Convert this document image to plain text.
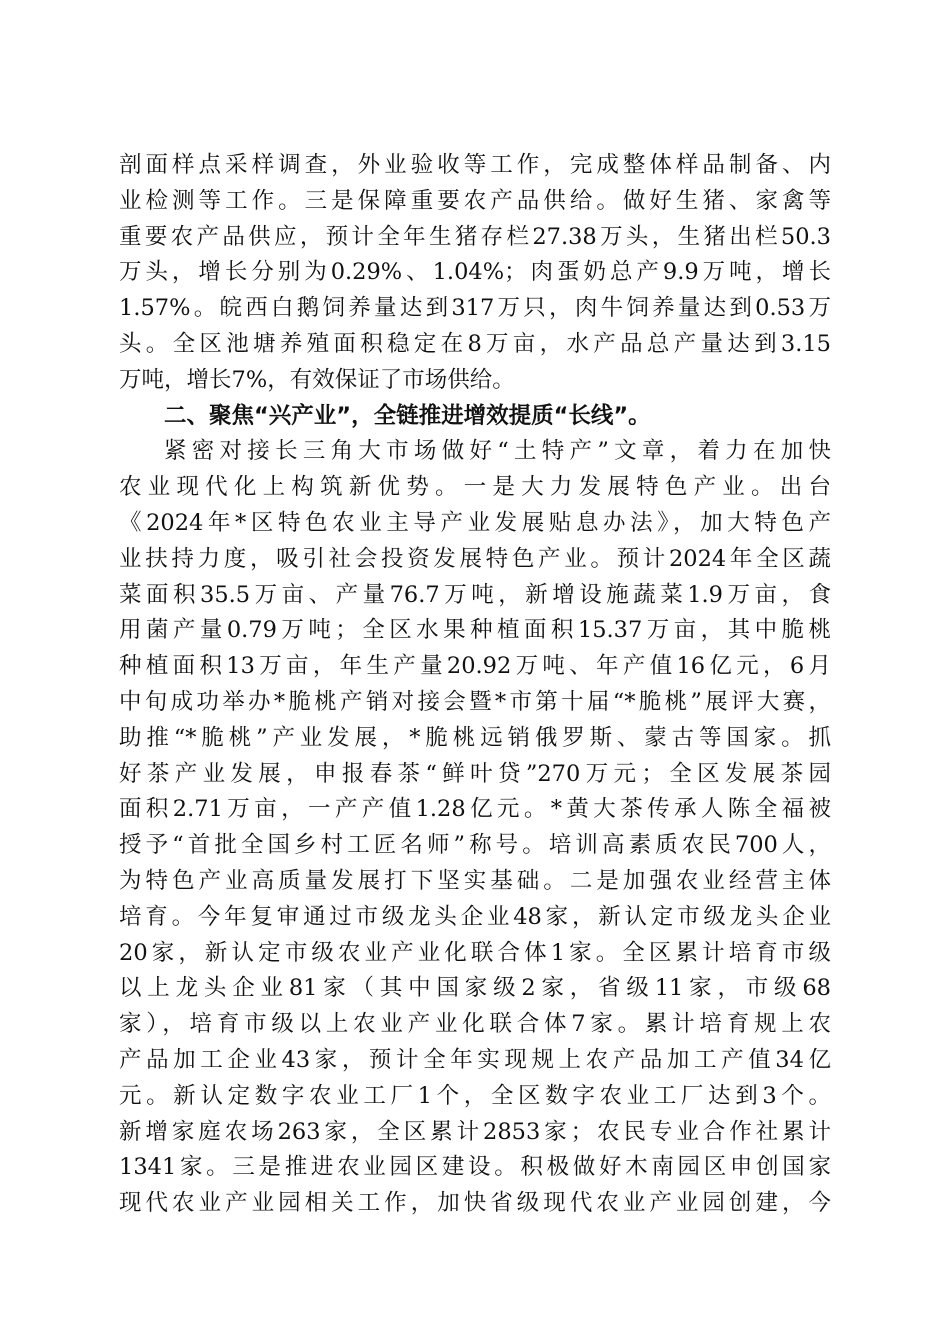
剖面样点采样调查，外业验收等工作，完成整体样品制备、内
业检测等工作。三是保障重要农产品供给。做好生猪、家禽等
重要农产品供应，预计全年生猪存栏27.38万头，生猪出栏50.3
万头，增长分别为0.29%、1.04%；肉蛋奶总产9.9万吨，增长
1.57%。皖西白鹅饲养量达到317万只，肉牛饲养量达到0.53万
头。全区池塘养殖面积稳定在8万亩，水产品总产量达到3.15
万吨，增长7%，有效保证了市场供给。
二、聚焦“兴产业”，全链推进增效提质“长线”。
紧密对接长三角大市场做好“土特产”文章，着力在加快
农业现代化上构筑新优势。一是大力发展特色产业。出台
《2024年*区特色农业主导产业发展贴息办法》，加大特色产
业扶持力度，吸引社会投资发展特色产业。预计2024年全区蔬
菜面积35.5万亩、产量76.7万吨，新增设施蔬菜1.9万亩，食
用菌产量0.79万吨；全区水果种植面积15.37万亩，其中脆桃
种植面积13万亩，年生产量20.92万吨、年产值16亿元，6月
中旬成功举办*脆桃产销对接会暨*市第十届“*脆桃”展评大赛，
助推“*脆桃”产业发展，*脆桃远销俄罗斯、蒙古等国家。抓
好茶产业发展，申报春茶“鲜叶贷”270万元；全区发展茶园
面积2.71万亩，一产产值1.28亿元。*黄大茶传承人陈全福被
授予“首批全国乡村工匠名师”称号。培训高素质农民700人，
为特色产业高质量发展打下坚实基础。二是加强农业经营主体
培育。今年复审通过市级龙头企业48家，新认定市级龙头企业
20家，新认定市级农业产业化联合体1家。全区累计培育市级
以上龙头企业81家（其中国家级2家，省级11家，市级68
家），培育市级以上农业产业化联合体7家。累计培育规上农
产品加工企业43家，预计全年实现规上农产品加工产值34亿
元。新认定数字农业工厂1个，全区数字农业工厂达到3个。
新增家庭农场263家，全区累计2853家；农民专业合作社累计
1341家。三是推进农业园区建设。积极做好木南园区申创国家
现代农业产业园相关工作，加快省级现代农业产业园创建，今
